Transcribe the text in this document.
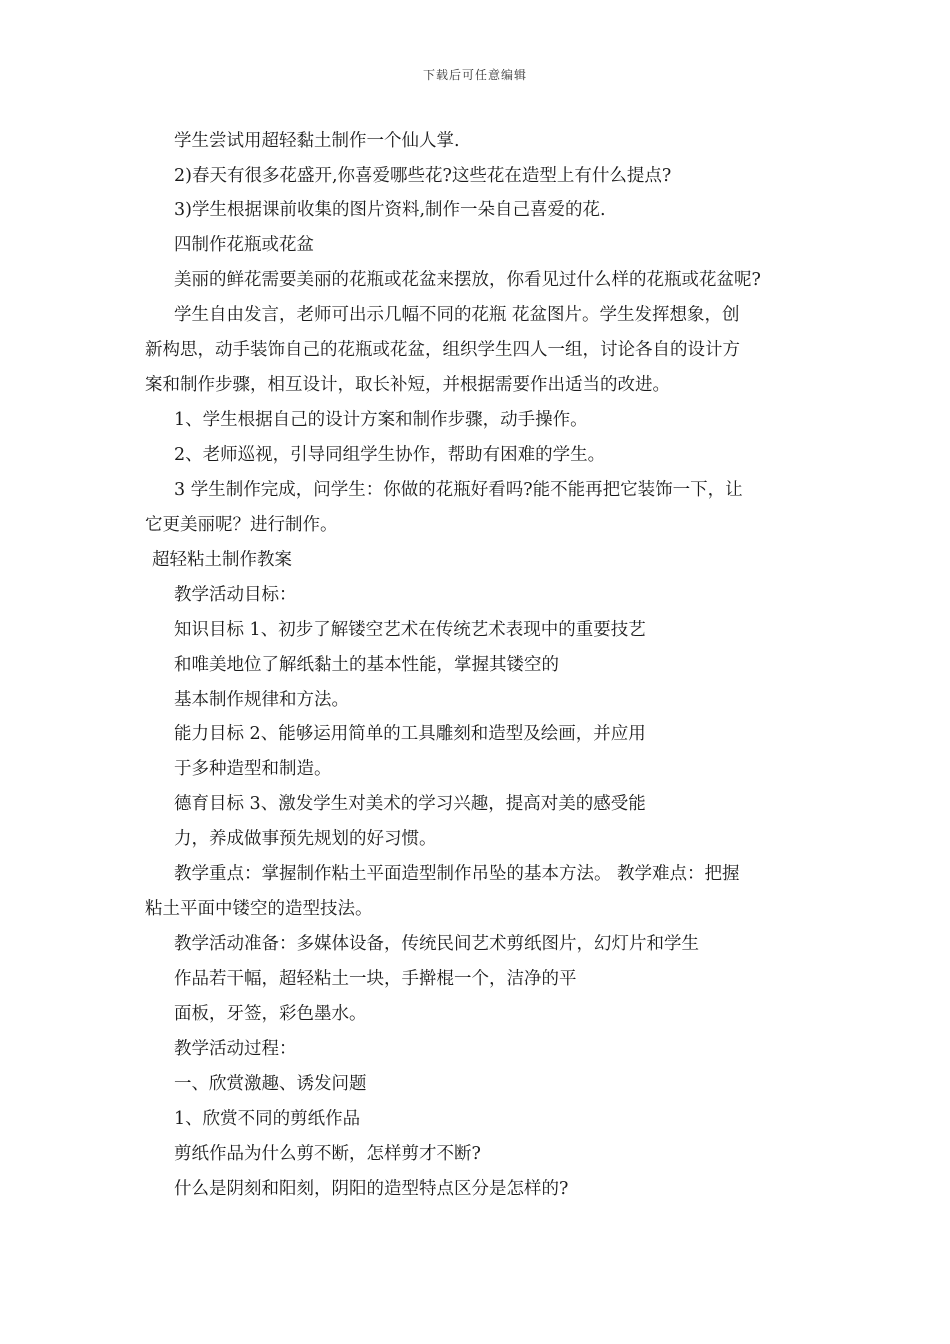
下载后可任意编辑
学生尝试用超轻黏土制作一个仙人掌.
2)春天有很多花盛开,你喜爱哪些花?这些花在造型上有什么提点?
3)学生根据课前收集的图片资料,制作一朵自己喜爱的花.
四制作花瓶或花盆
美丽的鲜花需要美丽的花瓶或花盆来摆放，你看见过什么样的花瓶或花盆呢?
学生自由发言，老师可出示几幅不同的花瓶 花盆图片。学生发挥想象，创
新构思，动手装饰自己的花瓶或花盆，组织学生四人一组，讨论各自的设计方
案和制作步骤，相互设计，取长补短，并根据需要作出适当的改进。
1、学生根据自己的设计方案和制作步骤，动手操作。
2、老师巡视，引导同组学生协作，帮助有困难的学生。
3 学生制作完成，问学生：你做的花瓶好看吗?能不能再把它装饰一下，让
它更美丽呢？进行制作。
超轻粘土制作教案
教学活动目标：
知识目标 1、初步了解镂空艺术在传统艺术表现中的重要技艺
和唯美地位了解纸黏土的基本性能，掌握其镂空的
基本制作规律和方法。
能力目标 2、能够运用简单的工具雕刻和造型及绘画，并应用
于多种造型和制造。
德育目标 3、激发学生对美术的学习兴趣，提高对美的感受能
力，养成做事预先规划的好习惯。
教学重点：掌握制作粘土平面造型制作吊坠的基本方法。 教学难点：把握
粘土平面中镂空的造型技法。
教学活动准备：多媒体设备，传统民间艺术剪纸图片，幻灯片和学生
作品若干幅，超轻粘土一块，手擀棍一个，洁净的平
面板，牙签，彩色墨水。
教学活动过程：
一、欣赏激趣、诱发问题
1、欣赏不同的剪纸作品
剪纸作品为什么剪不断，怎样剪才不断?
什么是阴刻和阳刻，阴阳的造型特点区分是怎样的?
